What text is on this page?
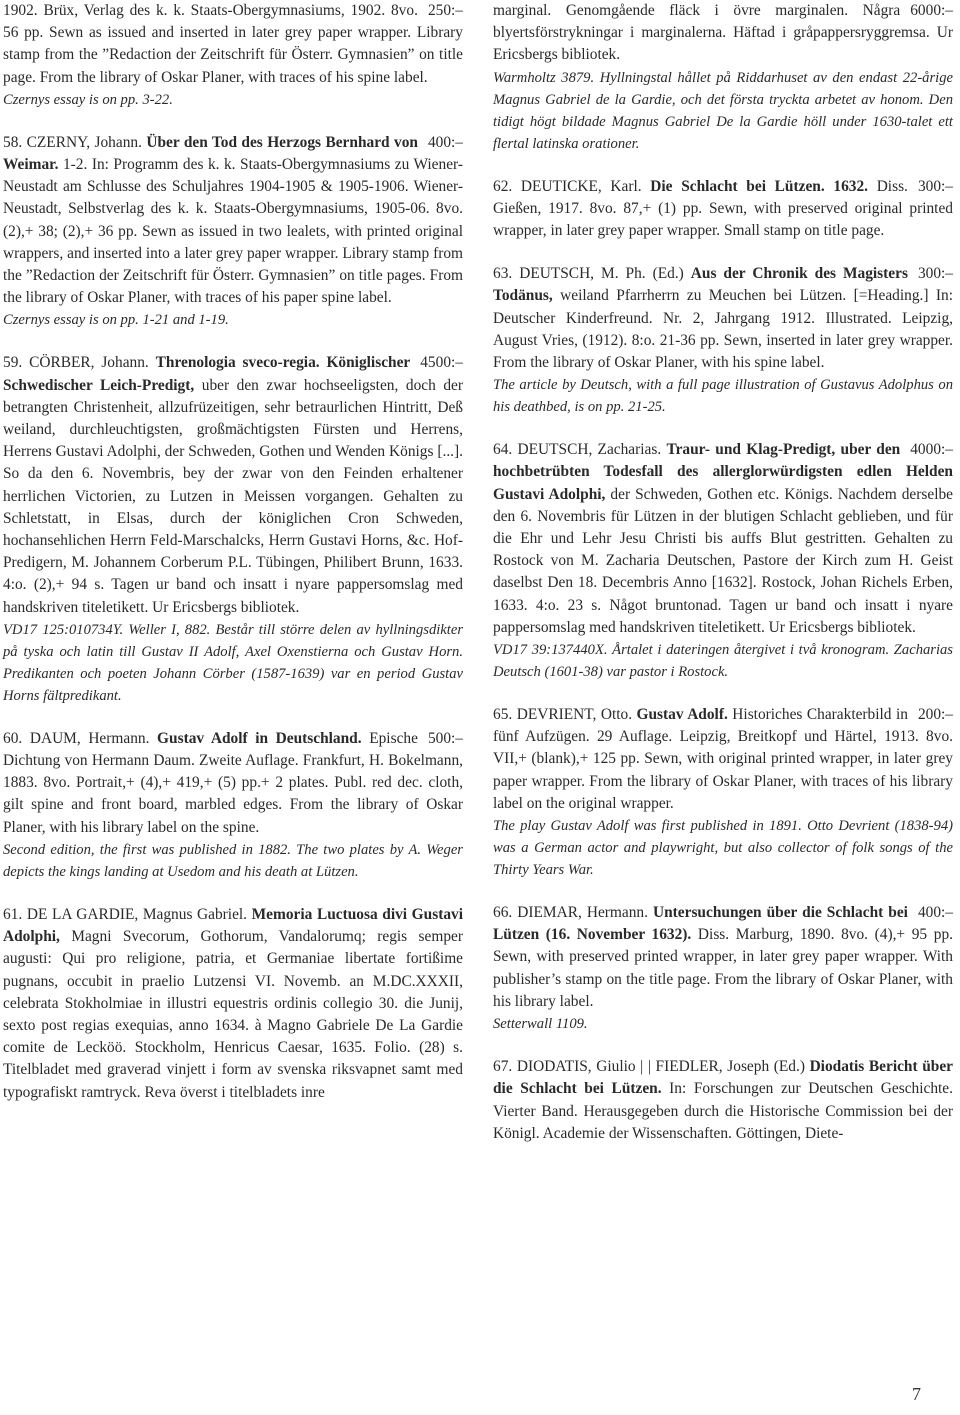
250:–
1902. Brüx, Verlag des k. k. Staats-Obergymnasiums, 1902. 8vo. 56 pp. Sewn as issued and inserted in later grey paper wrapper. Library stamp from the ”Redaction der Zeitschrift für Österr. Gymnasien” on title page. From the library of Oskar Planer, with traces of his spine label.

Czernys essay is on pp. 3-22.

400:–
58. CZERNY, Johann. Über den Tod des Herzogs Bernhard von Weimar. 1-2. In: Programm des k. k. Staats-Obergymnasiums zu Wiener-Neustadt am Schlusse des Schuljahres 1904-1905 & 1905-1906. Wiener-Neustadt, Selbstverlag des k. k. Staats-Obergymnasiums, 1905-06. 8vo. (2),+ 38; (2),+ 36 pp. Sewn as issued in two lealets, with printed original wrappers, and inserted into a later grey paper wrapper. Library stamp from the ”Redaction der Zeitschrift für Österr. Gymnasien” on title pages. From the library of Oskar Planer, with traces of his paper spine label.

Czernys essay is on pp. 1-21 and 1-19.

4500:–
59. CÖRBER, Johann. Threnologia sveco-regia. Königlischer Schwedischer Leich-Predigt, uber den zwar hochseeligsten, doch der betrangten Christenheit, allzufrüzeitigen, sehr betraurlichen Hintritt, Deß weiland, durchleuchtigsten, großmächtigsten Fürsten und Herrens, Herrens Gustavi Adolphi, der Schweden, Gothen und Wenden Königs [...]. So da den 6. Novembris, bey der zwar von den Feinden erhaltener herrlichen Victorien, zu Lutzen in Meissen vorgangen. Gehalten zu Schletstatt, in Elsas, durch der königlichen Cron Schweden, hochansehlichen Herrn Feld-Marschalcks, Herrn Gustavi Horns, &c. Hof-Predigern, M. Johannem Corberum P.L. Tübingen, Philibert Brunn, 1633. 4:o. (2),+ 94 s. Tagen ur band och insatt i nyare pappersomslag med handskriven titeletikett. Ur Ericsbergs bibliotek.

VD17 125:010734Y. Weller I, 882. Består till större delen av hyllningsdikter på tyska och latin till Gustav II Adolf, Axel Oxenstierna och Gustav Horn. Predikanten och poeten Johann Cörber (1587-1639) var en period Gustav Horns fältpredikant.

500:–
60. DAUM, Hermann. Gustav Adolf in Deutschland. Epische Dichtung von Hermann Daum. Zweite Auflage. Frankfurt, H. Bokelmann, 1883. 8vo. Portrait,+ (4),+ 419,+ (5) pp.+ 2 plates. Publ. red dec. cloth, gilt spine and front board, marbled edges. From the library of Oskar Planer, with his library label on the spine.

Second edition, the first was published in 1882. The two plates by A. Weger depicts the kings landing at Usedom and his death at Lützen.

61. DE LA GARDIE, Magnus Gabriel. Memoria Luctuosa divi Gustavi Adolphi, Magni Svecorum, Gothorum, Vandalorumq; regis semper augusti: Qui pro religione, patria, et Germaniae libertate fortißime pugnans, occubit in praelio Lutzensi VI. Novemb. an M.DC.XXXII, celebrata Stokholmiae in illustri equestris ordinis collegio 30. die Junij, sexto post regias exequias, anno 1634. à Magno Gabriele De La Gardie comite de Lecköö. Stockholm, Henricus Caesar, 1635. Folio. (28) s. Titelbladet med graverad vinjett i form av svenska riksvapnet samt med typografiskt ramtryck. Reva överst i titelbladets inre

6000:–
marginal. Genomgående fläck i övre marginalen. Några blyertsförstrykningar i marginalerna. Häftad i gråpappersryggremsa. Ur Ericsbergs bibliotek.

Warmholtz 3879. Hyllningstal hållet på Riddarhuset av den endast 22-årige Magnus Gabriel de la Gardie, och det första tryckta arbetet av honom. Den tidigt högt bildade Magnus Gabriel De la Gardie höll under 1630-talet ett flertal latinska orationer.

300:–
62. DEUTICKE, Karl. Die Schlacht bei Lützen. 1632. Diss. Gießen, 1917. 8vo. 87,+ (1) pp. Sewn, with preserved original printed wrapper, in later grey paper wrapper. Small stamp on title page.

300:–
63. DEUTSCH, M. Ph. (Ed.) Aus der Chronik des Magisters Todänus, weiland Pfarrherrn zu Meuchen bei Lützen. [=Heading.] In: Deutscher Kinderfreund. Nr. 2, Jahrgang 1912. Illustrated. Leipzig, August Vries, (1912). 8:o. 21-36 pp. Sewn, inserted in later grey wrapper. From the library of Oskar Planer, with his spine label.

The article by Deutsch, with a full page illustration of Gustavus Adolphus on his deathbed, is on pp. 21-25.

4000:–
64. DEUTSCH, Zacharias. Traur- und Klag-Predigt, uber den hochbetrübten Todesfall des allerglorwürdigsten edlen Helden Gustavi Adolphi, der Schweden, Gothen etc. Königs. Nachdem derselbe den 6. Novembris für Lützen in der blutigen Schlacht geblieben, und für die Ehr und Lehr Jesu Christi bis auffs Blut gestritten. Gehalten zu Rostock von M. Zacharia Deutschen, Pastore der Kirch zum H. Geist daselbst Den 18. Decembris Anno [1632]. Rostock, Johan Richels Erben, 1633. 4:o. 23 s. Något bruntonad. Tagen ur band och insatt i nyare pappersomslag med handskriven titeletikett. Ur Ericsbergs bibliotek.

VD17 39:137440X. Årtalet i dateringen återgivet i två kronogram. Zacharias Deutsch (1601-38) var pastor i Rostock.

200:–
65. DEVRIENT, Otto. Gustav Adolf. Historiches Charakterbild in fünf Aufzügen. 29 Auflage. Leipzig, Breitkopf und Härtel, 1913. 8vo. VII,+ (blank),+ 125 pp. Sewn, with original printed wrapper, in later grey paper wrapper. From the library of Oskar Planer, with traces of his library label on the original wrapper.

The play Gustav Adolf was first published in 1891. Otto Devrient (1838-94) was a German actor and playwright, but also collector of folk songs of the Thirty Years War.

400:–
66. DIEMAR, Hermann. Untersuchungen über die Schlacht bei Lützen (16. November 1632). Diss. Marburg, 1890. 8vo. (4),+ 95 pp. Sewn, with preserved printed wrapper, in later grey paper wrapper. With publisher’s stamp on the title page. From the library of Oskar Planer, with his library label.

Setterwall 1109.

67. DIODATIS, Giulio | | FIEDLER, Joseph (Ed.) Diodatis Bericht über die Schlacht bei Lützen. In: Forschungen zur Deutschen Geschichte. Vierter Band. Herausgegeben durch die Historische Commission bei der Königl. Academie der Wissenschaften. Göttingen, Diete-

7
